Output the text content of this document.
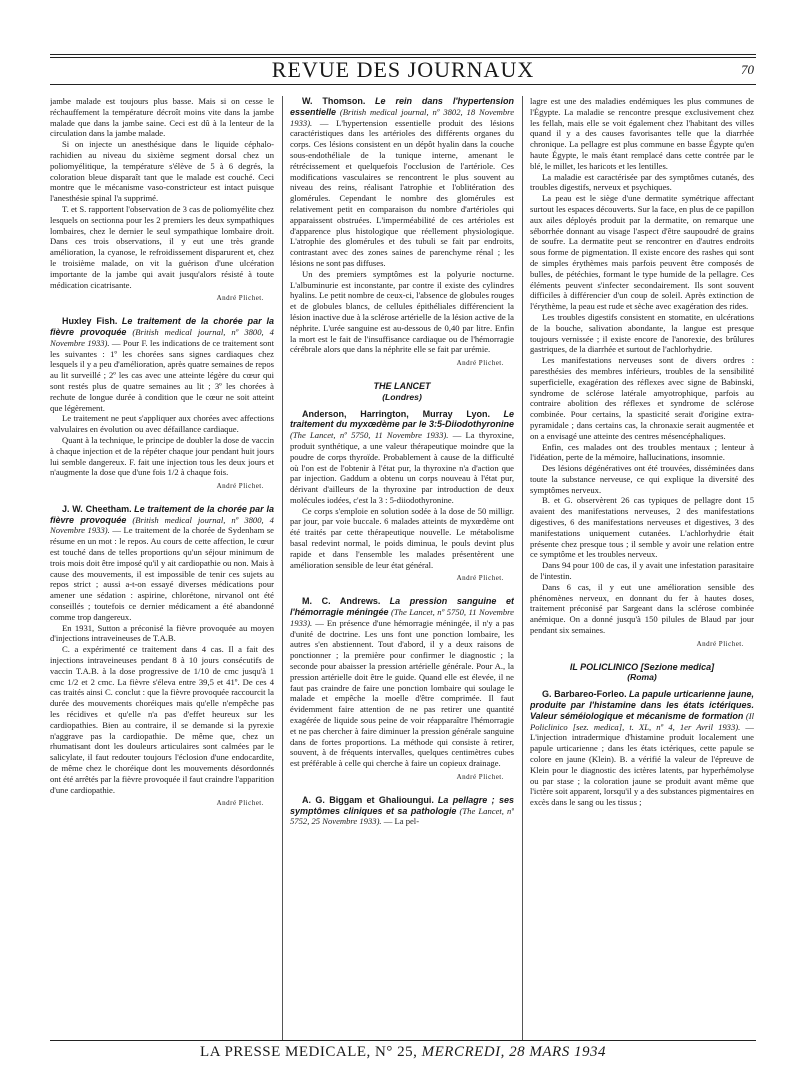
REVUE DES JOURNAUX	70

jambe malade est toujours plus basse. Mais si on cesse le réchauffement la température décroît moins vite dans la jambe malade que dans la jambe saine. Ceci est dû à la lenteur de la circulation dans la jambe malade.

Si on injecte un anesthésique dans le liquide céphalo-rachidien au niveau du sixième segment dorsal chez un poliomyélitique, la température s'élève de 5 à 6 degrés, la coloration bleue disparaît tant que le malade est couché. Ceci montre que le mécanisme vaso-constricteur est intact puisque l'anesthésie spinal l'a supprimé.

T. et S. rapportent l'observation de 3 cas de poliomyélite chez lesquels on sectionna pour les 2 premiers les deux sympathiques lombaires, chez le dernier le seul sympathique lombaire droit. Dans ces trois observations, il y eut une très grande amélioration, la cyanose, le refroidissement disparurent et, chez le troisième malade, on vit la guérison d'une ulcération importante de la jambe qui avait jusqu'alors résisté à toute médication cicatrisante.

André Plichet.

Huxley Fish. Le traitement de la chorée par la fièvre provoquée (British medical journal, nº 3800, 4 Novembre 1933). — Pour F. les indications de ce traitement sont les suivantes : 1º les chorées sans signes cardiaques chez lesquels il y a peu d'amélioration, après quatre semaines de repos au lit surveillé ; 2º les cas avec une atteinte légère du cœur qui sont restés plus de quatre semaines au lit ; 3º les chorées à rechute de longue durée à condition que le cœur ne soit atteint que légèrement.

Le traitement ne peut s'appliquer aux chorées avec affections valvulaires en évolution ou avec défaillance cardiaque.

Quant à la technique, le principe de doubler la dose de vaccin à chaque injection et de la répéter chaque jour pendant huit jours lui semble dangereux. F. fait une injection tous les deux jours et n'augmente la dose que d'une fois 1/2 à chaque fois.

André Plichet.

J. W. Cheetham. Le traitement de la chorée par la fièvre provoquée (British medical journal, nº 3800, 4 Novembre 1933). — Le traitement de la chorée de Sydenham se résume en un mot : le repos. Au cours de cette affection, le cœur est touché dans de telles proportions qu'un séjour minimum de trois mois doit être imposé qu'il y ait cardiopathie ou non. Mais à cause des mouvements, il est impossible de tenir ces sujets au repos strict ; aussi a-t-on essayé diverses médications pour amener une sédation : aspirine, chlorétone, nirvanol ont été conseillés ; toutefois ce dernier médicament a été abandonné comme trop dangereux.

En 1931, Sutton a préconisé la fièvre provoquée au moyen d'injections intraveineuses de T.A.B.

C. a expérimenté ce traitement dans 4 cas. Il a fait des injections intraveineuses pendant 8 à 10 jours consécutifs de vaccin T.A.B. à la dose progressive de 1/10 de cmc jusqu'à 1 cmc 1/2 et 2 cmc. La fièvre s'éleva entre 39,5 et 41º. De ces 4 cas traités ainsi C. conclut : que la fièvre provoquée raccourcit la durée des mouvements choréiques mais qu'elle n'empêche pas les récidives et qu'elle n'a pas d'effet heureux sur les cardiopathies. Bien au contraire, il se demande si la pyrexie n'aggrave pas la cardiopathie. De même que, chez un rhumatisant dont les douleurs articulaires sont calmées par le salicylate, il faut redouter toujours l'éclosion d'une endocardite, de même chez le choréique dont les mouvements désordonnés ont été arrêtés par la fièvre provoquée il faut craindre l'apparition d'une cardiopathie.

André Plichet.

W. Thomson. Le rein dans l'hypertension essentielle (British medical journal, nº 3802, 18 Novembre 1933). — L'hypertension essentielle produit des lésions caractéristiques dans les artérioles des différents organes du corps. Ces lésions consistent en un dépôt hyalin dans la couche sous-endothéliale de la tunique interne, amenant le rétrécissement et quelquefois l'occlusion de l'artériole. Ces modifications vasculaires se rencontrent le plus souvent au niveau des reins, réalisant l'atrophie et l'oblitération des glomérules. Cependant le nombre des glomérules est relativement petit en comparaison du nombre d'artérioles qui apparaissent obstruées. L'imperméabilité de ces artérioles est d'apparence plus histologique que réellement physiologique. L'atrophie des glomérules et des tubuli se fait par endroits, contrastant avec des zones saines de parenchyme rénal ; les lésions ne sont pas diffuses.

Un des premiers symptômes est la polyurie nocturne. L'albuminurie est inconstante, par contre il existe des cylindres hyalins. Le petit nombre de ceux-ci, l'absence de globules rouges et de globules blancs, de cellules épithéliales différencient la lésion inactive due à la sclérose artérielle de la lésion active de la néphrite. L'urée sanguine est au-dessous de 0,40 par litre. Enfin la mort est le fait de l'insuffisance cardiaque ou de l'hémorragie cérébrale alors que dans la néphrite elle se fait par urémie.

André Plichet.
THE LANCET
(Londres)

Anderson, Harrington, Murray Lyon. Le traitement du myxœdème par le 3:5-Diiodothyronine (The Lancet, nº 5750, 11 Novembre 1933). — La thyroxine, produit synthétique, a une valeur thérapeutique moindre que la poudre de corps thyroïde. Probablement à cause de la difficulté où l'on est de l'obtenir à l'état pur, la thyroxine n'a d'action que par injection. Gaddum a obtenu un corps nouveau à l'état pur, dérivant d'ailleurs de la thyroxine par introduction de deux molécules iodées, c'est la 3 : 5-diiodothyronine.

Ce corps s'emploie en solution sodée à la dose de 50 milligr. par jour, par voie buccale. 6 malades atteints de myxœdème ont été traités par cette thérapeutique nouvelle. Le métabolisme basal redevint normal, le poids diminua, le pouls devint plus rapide et dans l'ensemble les malades présentèrent une amélioration sensible de leur état général.

André Plichet.

M. C. Andrews. La pression sanguine et l'hémorragie méningée (The Lancet, nº 5750, 11 Novembre 1933). — En présence d'une hémorragie méningée, il n'y a pas d'unité de doctrine. Les uns font une ponction lombaire, les autres s'en abstiennent. Tout d'abord, il y a deux raisons de ponctionner ; la première pour confirmer le diagnostic ; la seconde pour abaisser la pression artérielle générale. Pour A., la pression artérielle doit être le guide. Quand elle est élevée, il ne faut pas craindre de faire une ponction lombaire qui soulage le malade et empêche la moelle d'être comprimée. Il faut évidemment faire attention de ne pas retirer une quantité exagérée de liquide sous peine de voir réapparaître l'hémorragie et ne pas chercher à faire diminuer la pression générale sanguine dans de fortes proportions. La méthode qui consiste à retirer, souvent, à de fréquents intervalles, quelques centimètres cubes est préférable à celle qui cherche à faire un copieux drainage.

André Plichet.

A. G. Biggam et Ghalioungui. La pellagre ; ses symptômes cliniques et sa pathologie (The Lancet, nº 5752, 25 Novembre 1933). — La pel-

lagre est une des maladies endémiques les plus communes de l'Égypte. La maladie se rencontre presque exclusivement chez les fellah, mais elle se voit également chez l'habitant des villes quand il y a des causes favorisantes telle que la diarrhée chronique. La pellagre est plus commune en basse Égypte qu'en haute Égypte, le maïs étant remplacé dans cette contrée par le blé, le millet, les haricots et les lentilles.

La maladie est caractérisée par des symptômes cutanés, des troubles digestifs, nerveux et psychiques.

La peau est le siège d'une dermatite symétrique affectant surtout les espaces découverts. Sur la face, en plus de ce papillon aux ailes déployés produit par la dermatite, on remarque une séborrhée donnant au visage l'aspect d'être saupoudré de grains de soufre. La dermatite peut se rencontrer en d'autres endroits sous forme de pigmentation. Il existe encore des rashes qui sont de simples érythèmes mais parfois peuvent être composés de bulles, de pétéchies, formant le type humide de la pellagre. Ces éléments peuvent s'infecter secondairement. Ils sont souvent difficiles à différencier d'un coup de soleil. Après extinction de l'érythème, la peau est rude et sèche avec exagération des rides.

Les troubles digestifs consistent en stomatite, en ulcérations de la bouche, salivation abondante, la langue est presque toujours vernissée ; il existe encore de l'anorexie, des brûlures gastriques, de la diarrhée et surtout de l'achlorhydrie.

Les manifestations nerveuses sont de divers ordres : paresthésies des membres inférieurs, troubles de la sensibilité superficielle, exagération des réflexes avec signe de Babinski, syndrome de sclérose latérale amyotrophique, parfois au contraire abolition des réflexes et syndrome de sclérose combinée. Pour certains, la spasticité serait d'origine extra-pyramidale ; dans certains cas, la chronaxie serait augmentée et on a envisagé une atteinte des centres mésencéphaliques.

Enfin, ces malades ont des troubles mentaux ; lenteur à l'idéation, perte de la mémoire, hallucinations, insomnie.

Des lésions dégénératives ont été trouvées, disséminées dans toute la substance nerveuse, ce qui explique la diversité des symptômes nerveux.

B. et G. observèrent 26 cas typiques de pellagre dont 15 avaient des manifestations nerveuses, 2 des manifestations digestives, 6 des manifestations nerveuses et digestives, 3 des manifestations uniquement cutanées. L'achlorhydrie était présente chez presque tous ; il semble y avoir une relation entre ce symptôme et les troubles nerveux.

Dans 94 pour 100 de cas, il y avait une infestation parasitaire de l'intestin.

Dans 6 cas, il y eut une amélioration sensible des phénomènes nerveux, en donnant du fer à hautes doses, traitement préconisé par Sargeant dans la sclérose combinée anémique. On a donné jusqu'à 150 pilules de Blaud par jour pendant six semaines.

André Plichet.
IL POLICLINICO [Sezione medica]
(Roma)

G. Barbareo-Forleo. La papule urticarienne jaune, produite par l'histamine dans les états ictériques. Valeur séméiologique et mécanisme de formation (Il Policlinico [sez. medica], t. XL, nº 4, 1er Avril 1933). — L'injection intradermique d'histamine produit localement une papule urticarienne ; dans les états ictériques, cette papule se colore en jaune (Klein). B. a vérifié la valeur de l'épreuve de Klein pour le diagnostic des ictères latents, par hyperhémolyse ou par stase ; la coloration jaune se produit avant même que l'ictère soit apparent, lorsqu'il y a des substances pigmentaires en excès dans le sang ou les tissus ;

LA PRESSE MEDICALE, N° 25, MERCREDI, 28 MARS 1934
